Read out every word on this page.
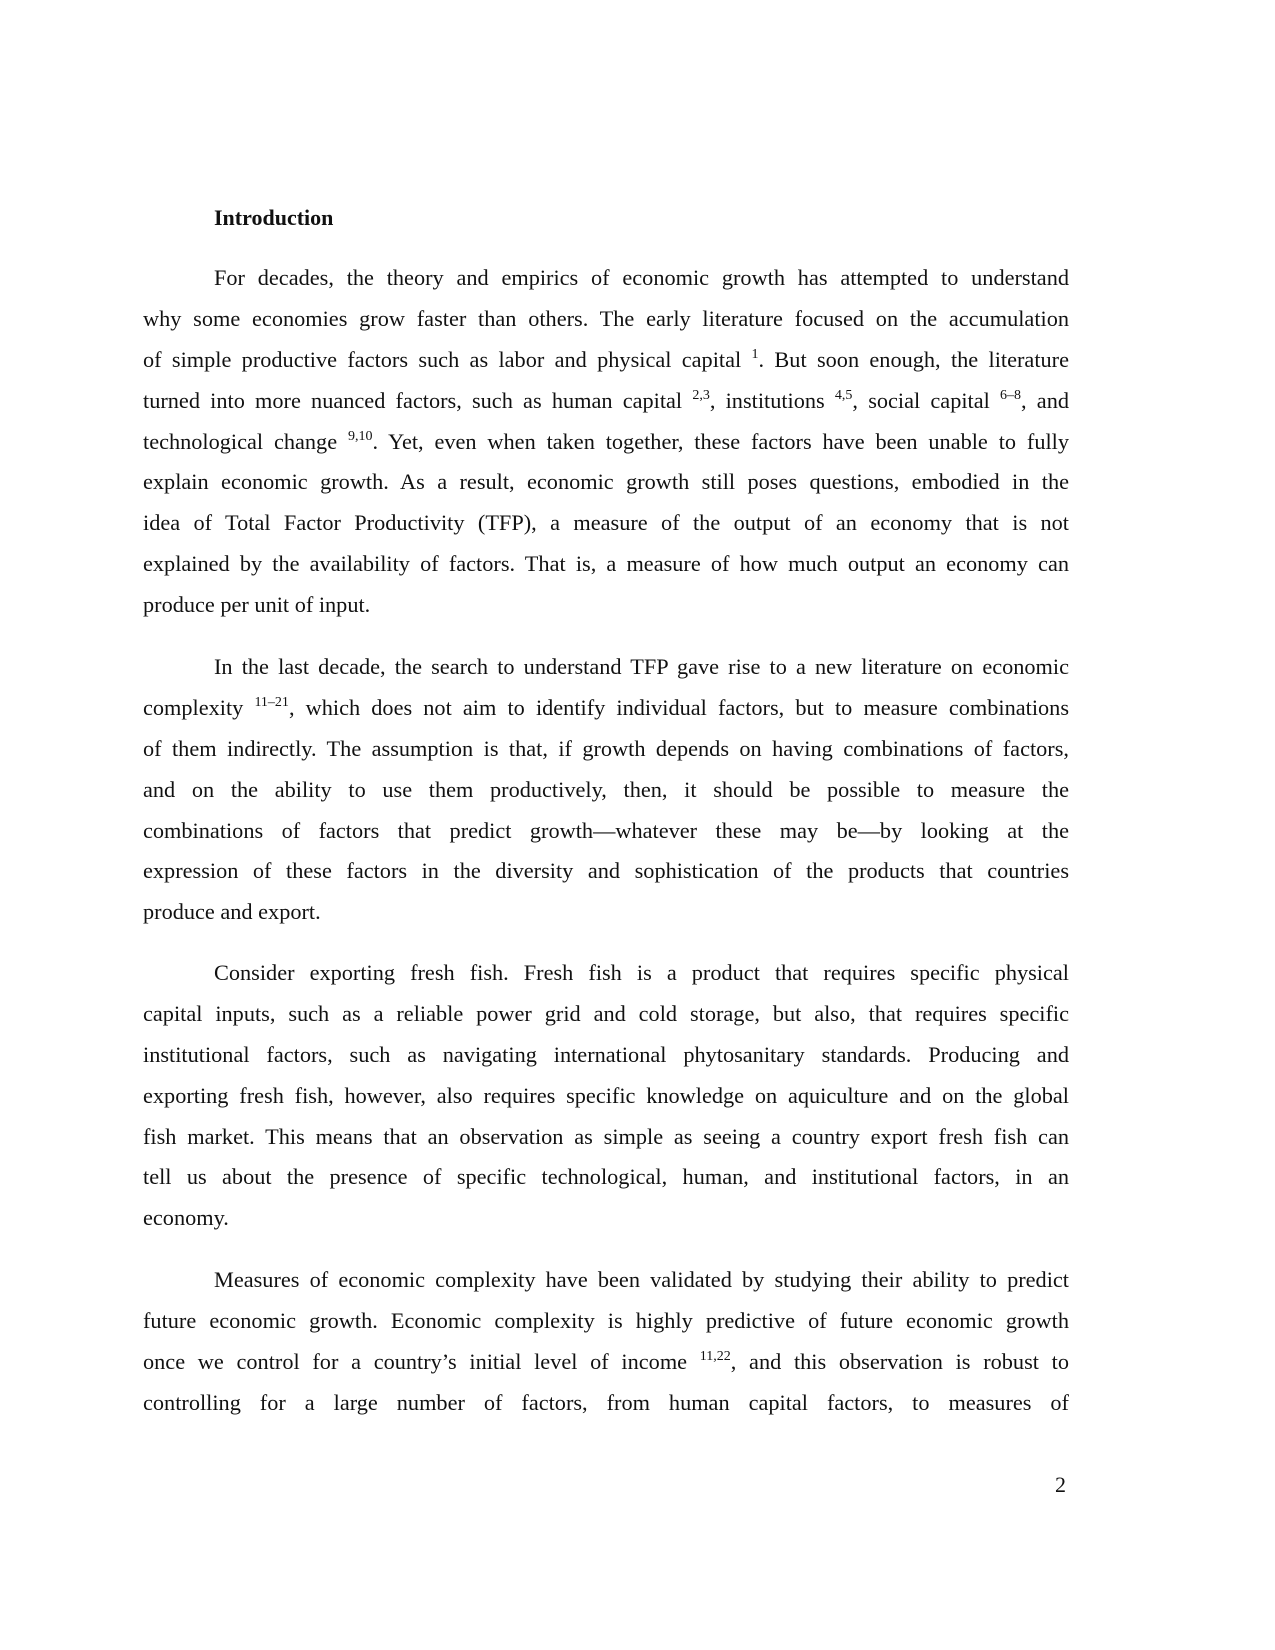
Introduction
For decades, the theory and empirics of economic growth has attempted to understand
why some economies grow faster than others. The early literature focused on the accumulation
of simple productive factors such as labor and physical capital $^1$. But soon enough, the literature
turned into more nuanced factors, such as human capital $^{2,3}$, institutions $^{4,5}$, social capital $^{6-8}$, and
technological change $^{9,10}$. Yet, even when taken together, these factors have been unable to fully
explain economic growth. As a result, economic growth still poses questions, embodied in the
idea of Total Factor Productivity (TFP), a measure of the output of an economy that is not
explained by the availability of factors. That is, a measure of how much output an economy can
produce per unit of input.
In the last decade, the search to understand TFP gave rise to a new literature on economic
complexity $^{11-21}$, which does not aim to identify individual factors, but to measure combinations
of them indirectly. The assumption is that, if growth depends on having combinations of factors,
and on the ability to use them productively, then, it should be possible to measure the
combinations of factors that predict growth—whatever these may be—by looking at the
expression of these factors in the diversity and sophistication of the products that countries
produce and export.
Consider exporting fresh fish. Fresh fish is a product that requires specific physical
capital inputs, such as a reliable power grid and cold storage, but also, that requires specific
institutional factors, such as navigating international phytosanitary standards. Producing and
exporting fresh fish, however, also requires specific knowledge on aquiculture and on the global
fish market. This means that an observation as simple as seeing a country export fresh fish can
tell us about the presence of specific technological, human, and institutional factors, in an
economy.
Measures of economic complexity have been validated by studying their ability to predict
future economic growth. Economic complexity is highly predictive of future economic growth
once we control for a country’s initial level of income $^{11,22}$, and this observation is robust to
controlling for a large number of factors, from human capital factors, to measures of
2
